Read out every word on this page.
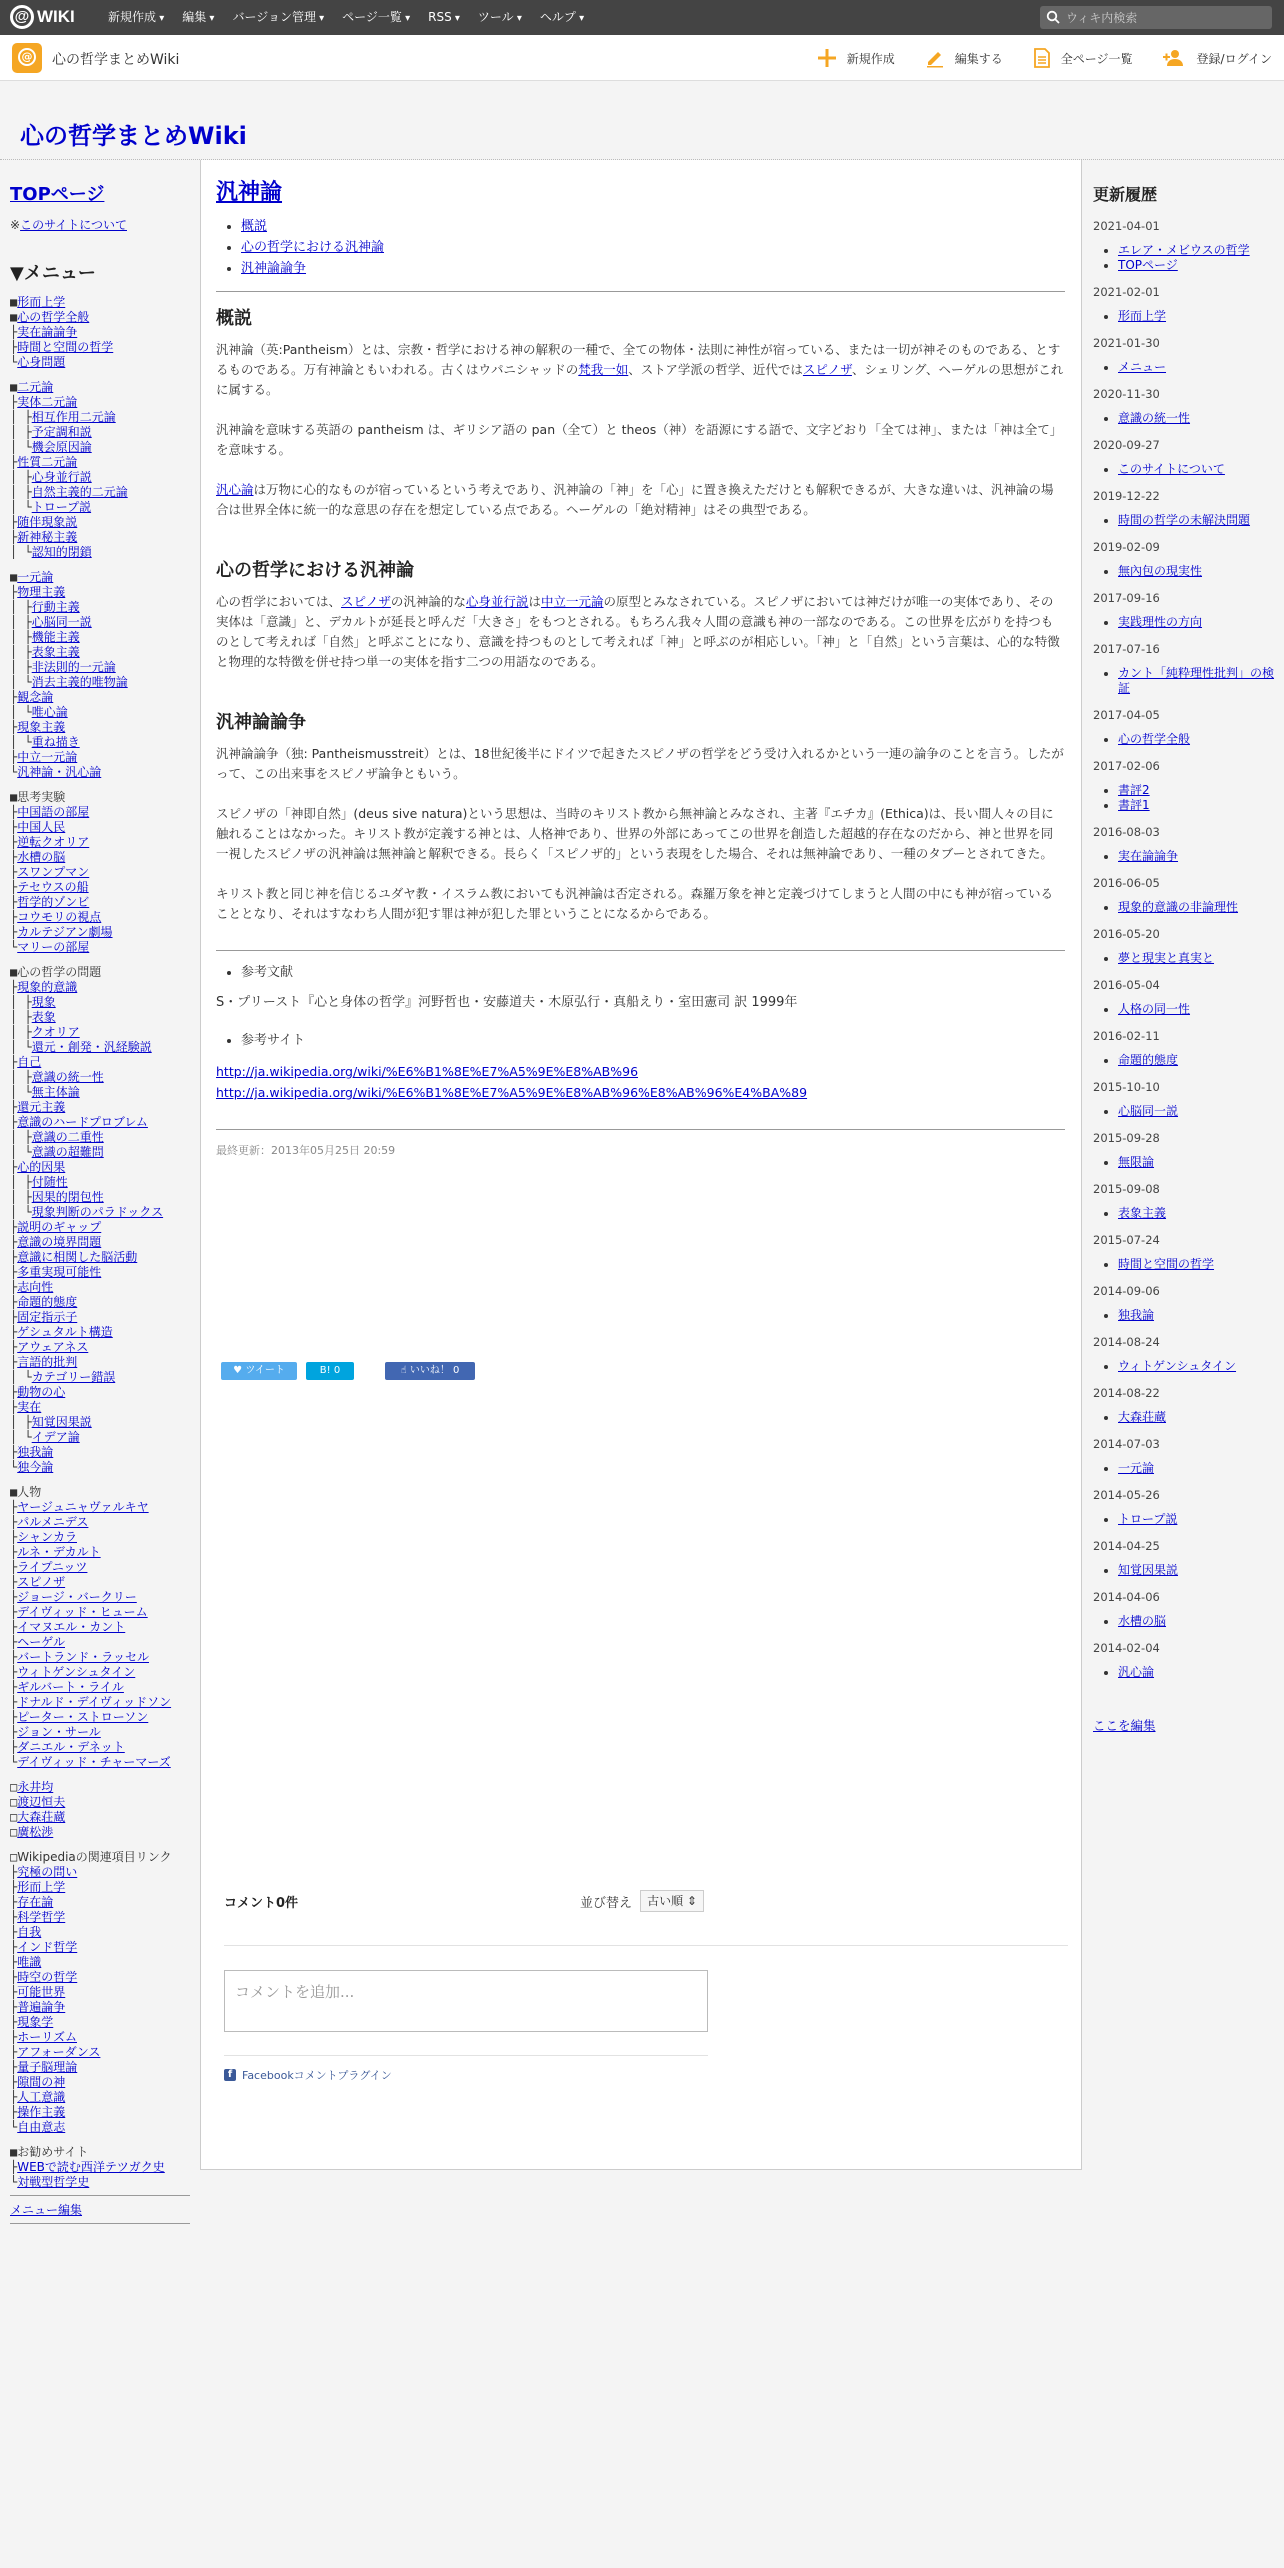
@ WIKI	新規作成 ▾	編集 ▾	バージョン管理 ▾	ページ一覧 ▾	RSS ▾	ツール ▾	ヘルプ ▾
ウィキ内検索
@ 心の哲学まとめWiki	新規作成	編集する	全ページ一覧	登録/ログイン
心の哲学まとめWiki
TOPページ
※このサイトについて
▼メニュー
■ 形而上学
■ 心の哲学全般
├ 実在論論争
├ 時間と空間の哲学
└ 心身問題
■ 二元論
├ 実体二元論
│ ├ 相互作用二元論
│ ├ 予定調和説
│ └ 機会原因論
├ 性質二元論
│ ├ 心身並行説
│ ├ 自然主義的二元論
│ └ トロープ説
├ 随伴現象説
├ 新神秘主義
│ └ 認知的閉鎖
■ 一元論
├ 物理主義
│ ├ 行動主義
│ ├ 心脳同一説
│ ├ 機能主義
│ ├ 表象主義
│ ├ 非法則的一元論
│ └ 消去主義的唯物論
├ 観念論
│ └ 唯心論
├ 現象主義
│ └ 重ね描き
├ 中立一元論
└ 汎神論・汎心論
■ 思考実験
├ 中国語の部屋
├ 中国人民
├ 逆転クオリア
├ 水槽の脳
├ スワンプマン
├ テセウスの船
├ 哲学的ゾンビ
├ コウモリの視点
├ カルテジアン劇場
└ マリーの部屋
■ 心の哲学の問題
├ 現象的意識
│ ├ 現象
│ ├ 表象
│ ├ クオリア
│ └ 還元・創発・汎経験説
├ 自己
│ ├ 意識の統一性
│ └ 無主体論
├ 還元主義
├ 意識のハードプロブレム
│ ├ 意識の二重性
│ └ 意識の超難問
├ 心的因果
│ ├ 付随性
│ ├ 因果的閉包性
│ └ 現象判断のパラドックス
├ 説明のギャップ
├ 意識の境界問題
├ 意識に相関した脳活動
├ 多重実現可能性
├ 志向性
├ 命題的態度
├ 固定指示子
├ ゲシュタルト構造
├ アウェアネス
├ 言語的批判
│ └ カテゴリー錯誤
├ 動物の心
├ 実在
│ ├ 知覚因果説
│ └ イデア論
├ 独我論
└ 独今論
■ 人物
├ ヤージュニャヴァルキヤ
├ パルメニデス
├ シャンカラ
├ ルネ・デカルト
├ ライプニッツ
├ スピノザ
├ ジョージ・バークリー
├ デイヴィッド・ヒューム
├ イマヌエル・カント
├ ヘーゲル
├ バートランド・ラッセル
├ ウィトゲンシュタイン
├ ギルバート・ライル
├ ドナルド・デイヴィッドソン
├ ピーター・ストローソン
├ ジョン・サール
├ ダニエル・デネット
└ デイヴィッド・チャーマーズ
□ 永井均
□ 渡辺恒夫
□ 大森荘蔵
□ 廣松渉
□ Wikipediaの関連項目リンク
├ 究極の問い
├ 形而上学
├ 存在論
├ 科学哲学
├ 自我
├ インド哲学
├ 唯識
├ 時空の哲学
├ 可能世界
├ 普遍論争
├ 現象学
├ ホーリズム
├ アフォーダンス
├ 量子脳理論
├ 隙間の神
├ 人工意識
├ 操作主義
└ 自由意志
■ お勧めサイト
├ WEBで読む西洋テツガク史
└ 対戦型哲学史
メニュー編集
汎神論
• 概説
• 心の哲学における汎神論
• 汎神論論争
概説

汎神論（英:Pantheism）とは、宗教・哲学における神の解釈の一種で、全ての物体・法則に神性が宿っている、または一切が神そのものである、とするものである。万有神論ともいわれる。古くはウパニシャッドの梵我一如、ストア学派の哲学、近代ではスピノザ、シェリング、ヘーゲルの思想がこれに属する。

汎神論を意味する英語の pantheism は、ギリシア語の pan（全て）と theos（神）を語源にする語で、文字どおり「全ては神」、または「神は全て」を意味する。

汎心論は万物に心的なものが宿っているという考えであり、汎神論の「神」を「心」に置き換えただけとも解釈できるが、大きな違いは、汎神論の場合は世界全体に統一的な意思の存在を想定している点である。ヘーゲルの「絶対精神」はその典型である。

心の哲学における汎神論

心の哲学においては、スピノザの汎神論的な心身並行説は中立一元論の原型とみなされている。スピノザにおいては神だけが唯一の実体であり、その実体は「意識」と、デカルトが延長と呼んだ「大きさ」をもつとされる。もちろん我々人間の意識も神の一部なのである。この世界を広がりを持つものとして考えれば「自然」と呼ぶことになり、意識を持つものとして考えれば「神」と呼ぶのが相応しい。「神」と「自然」という言葉は、心的な特徴と物理的な特徴を併せ持つ単一の実体を指す二つの用語なのである。

汎神論論争

汎神論論争（独: Pantheismusstreit）とは、18世紀後半にドイツで起きたスピノザの哲学をどう受け入れるかという一連の論争のことを言う。したがって、この出来事をスピノザ論争ともいう。

スピノザの「神即自然」(deus sive natura)という思想は、当時のキリスト教から無神論とみなされ、主著『エチカ』(Ethica)は、長い間人々の目に触れることはなかった。キリスト教が定義する神とは、人格神であり、世界の外部にあってこの世界を創造した超越的存在なのだから、神と世界を同一視したスピノザの汎神論は無神論と解釈できる。長らく「スピノザ的」という表現をした場合、それは無神論であり、一種のタブーとされてきた。

キリスト教と同じ神を信じるユダヤ教・イスラム教においても汎神論は否定される。森羅万象を神と定義づけてしまうと人間の中にも神が宿っていることとなり、それはすなわち人間が犯す罪は神が犯した罪ということになるからである。

• 参考文献
S・プリースト『心と身体の哲学』河野哲也・安藤道夫・木原弘行・真船えり・室田憲司 訳 1999年
• 参考サイト
http://ja.wikipedia.org/wiki/%E6%B1%8E%E7%A5%9E%E8%AB%96
http://ja.wikipedia.org/wiki/%E6%B1%8E%E7%A5%9E%E8%AB%96%E8%AB%96%E4%BA%89
最終更新：2013年05月25日 20:59
♥ ツイート	B! 0	☝ いいね！ 0
コメント0件	並び替え	古い順 ⇕
コメントを追加...
f Facebookコメントプラグイン
更新履歴
2021-04-01
• エレア・メビウスの哲学
• TOPページ
2021-02-01
• 形而上学
2021-01-30
• メニュー
2020-11-30
• 意識の統一性
2020-09-27
• このサイトについて
2019-12-22
• 時間の哲学の未解決問題
2019-02-09
• 無內包の現実性
2017-09-16
• 実践理性の方向
2017-07-16
• カント「純粋理性批判」の検証
2017-04-05
• 心の哲学全般
2017-02-06
• 書評2
• 書評1
2016-08-03
• 実在論論争
2016-06-05
• 現象的意識の非論理性
2016-05-20
• 夢と現実と真実と
2016-05-04
• 人格の同一性
2016-02-11
• 命題的態度
2015-10-10
• 心脳同一説
2015-09-28
• 無限論
2015-09-08
• 表象主義
2015-07-24
• 時間と空間の哲学
2014-09-06
• 独我論
2014-08-24
• ウィトゲンシュタイン
2014-08-22
• 大森荘蔵
2014-07-03
• 一元論
2014-05-26
• トロープ説
2014-04-25
• 知覚因果説
2014-04-06
• 水槽の脳
2014-02-04
• 汎心論
ここを編集
